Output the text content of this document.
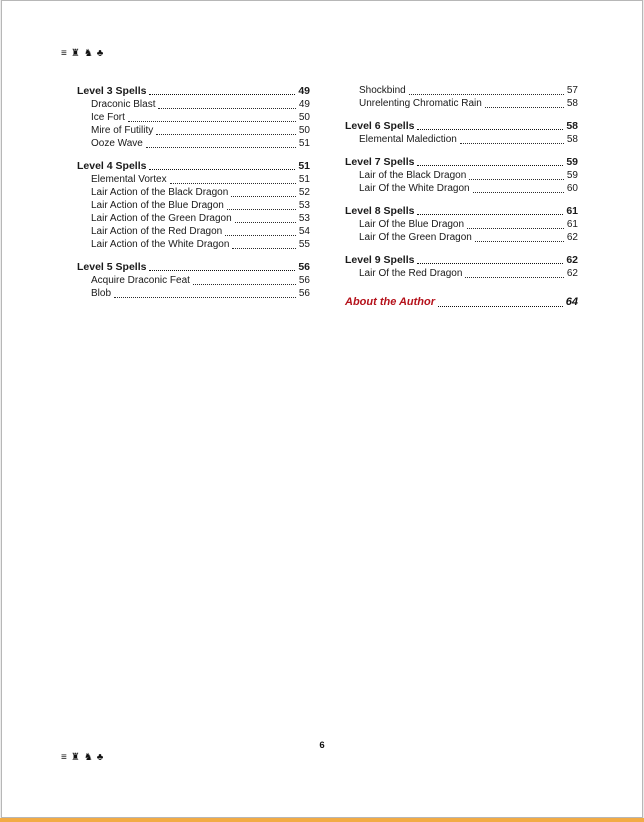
≡ ♜ ♞ ♣
Level 3 Spells	49
Draconic Blast	49
Ice Fort	50
Mire of Futility	50
Ooze Wave	51
Level 4 Spells	51
Elemental Vortex	51
Lair Action of the Black Dragon	52
Lair Action of the Blue Dragon	53
Lair Action of the Green Dragon	53
Lair Action of the Red Dragon	54
Lair Action of the White Dragon	55
Level 5 Spells	56
Acquire Draconic Feat	56
Blob	56
Shockbind	57
Unrelenting Chromatic Rain	58
Level 6 Spells	58
Elemental Malediction	58
Level 7 Spells	59
Lair of the Black Dragon	59
Lair Of the White Dragon	60
Level 8 Spells	61
Lair Of the Blue Dragon	61
Lair Of the Green Dragon	62
Level 9 Spells	62
Lair Of the Red Dragon	62
About the Author	64
6
≡ ♜ ♞ ♣
